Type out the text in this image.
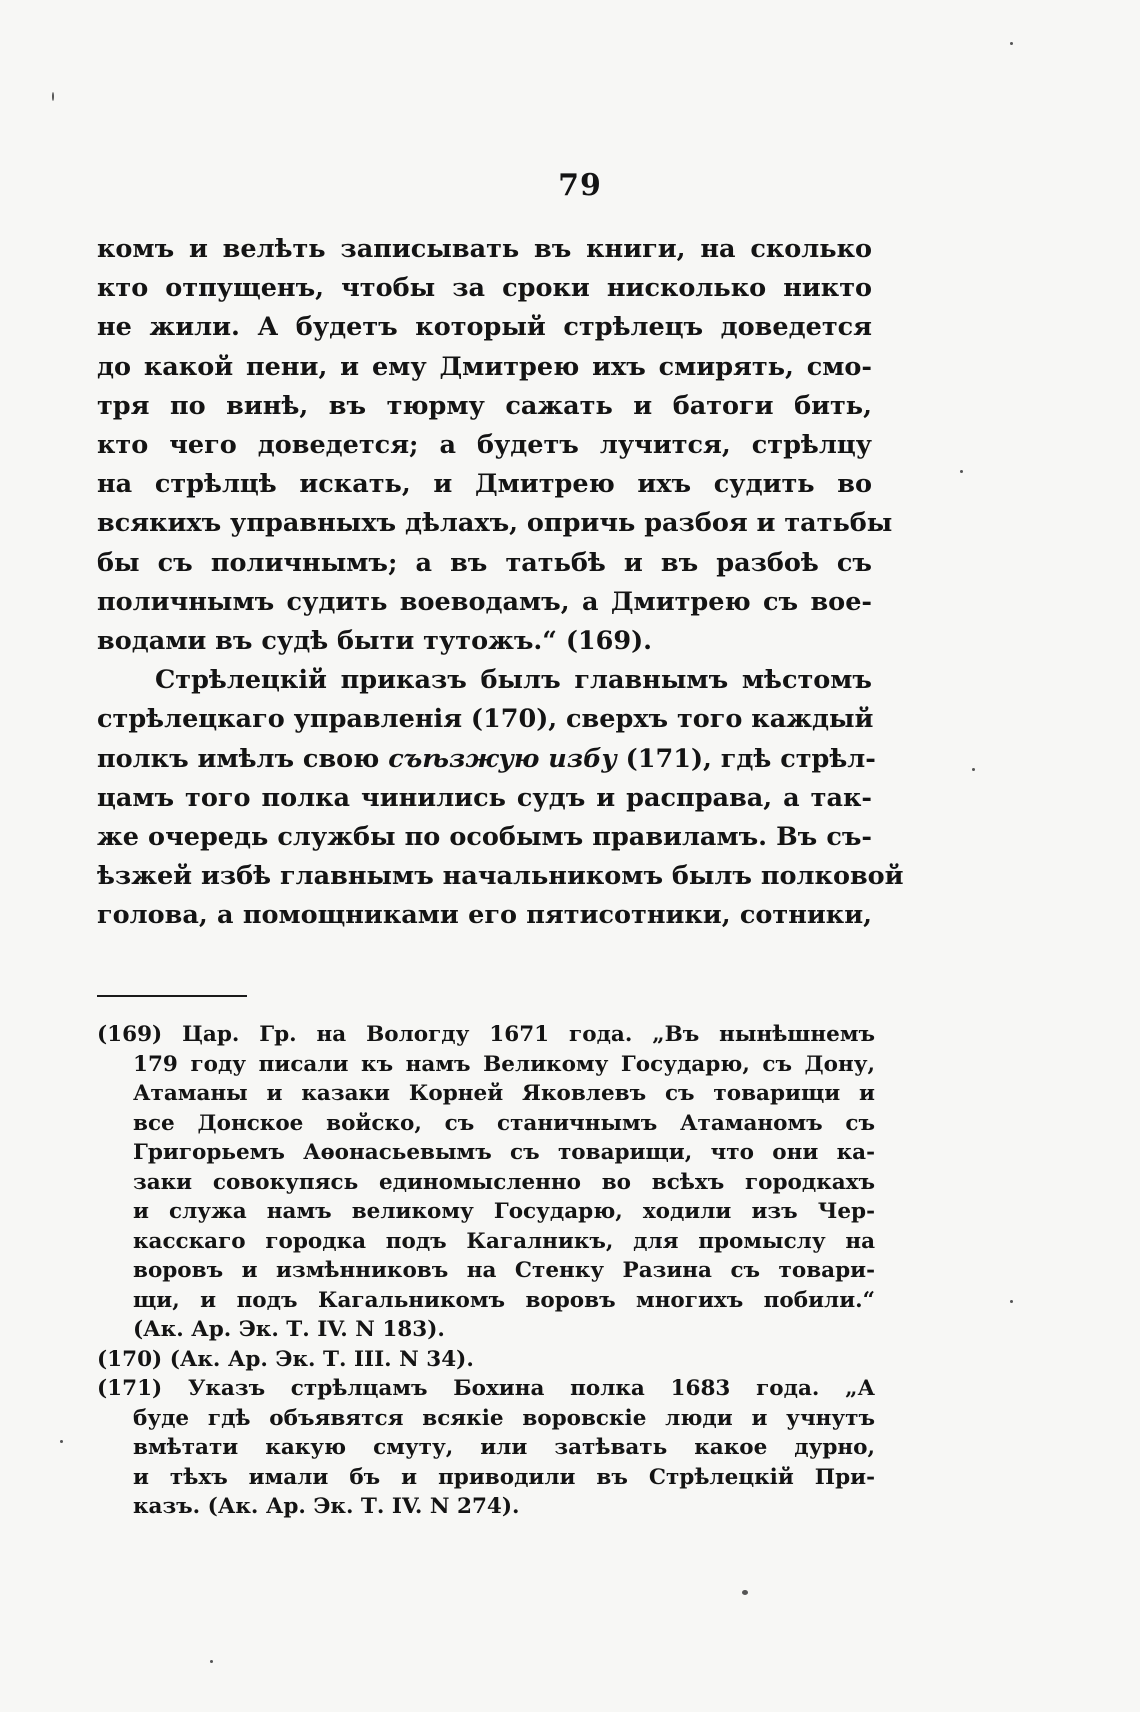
79
комъ и велѣть записывать въ книги, на сколько
кто отпущенъ, чтобы за сроки нисколько никто
не жили. А будетъ который стрѣлецъ доведется
до какой пени, и ему Дмитрею ихъ смирять, смо-
тря по винѣ, въ тюрму сажать и батоги бить,
кто чего доведется; а будетъ лучится, стрѣлцу
на стрѣлцѣ искать, и Дмитрею ихъ судить во
всякихъ управныхъ дѣлахъ, опричь разбоя и татьбы
бы съ поличнымъ; а въ татьбѣ и въ разбоѣ съ
поличнымъ судить воеводамъ, а Дмитрею съ вое-
водами въ судѣ быти тутожъ.“ (169).
Стрѣлецкій приказъ былъ главнымъ мѣстомъ
стрѣлецкаго управленія (170), сверхъ того каждый
полкъ имѣлъ свою съѣзжую избу (171), гдѣ стрѣл-
цамъ того полка чинились судъ и расправа, а так-
же очередь службы по особымъ правиламъ. Въ съ-
ѣзжей избѣ главнымъ начальникомъ былъ полковой
голова, а помощниками его пятисотники, сотники,
(169) Цар. Гр. на Вологду 1671 года. „Въ нынѣшнемъ
179 году писали къ намъ Великому Государю, съ Дону,
Атаманы и казаки Корней Яковлевъ съ товарищи и
все Донское войско, съ станичнымъ Атаманомъ съ
Григорьемъ Аѳонасьевымъ съ товарищи, что они ка-
заки совокупясь единомысленно во всѣхъ городкахъ
и служа намъ великому Государю, ходили изъ Чер-
касскаго городка подъ Кагалникъ, для промыслу на
воровъ и измѣнниковъ на Стенку Разина съ товари-
щи, и подъ Кагальникомъ воровъ многихъ побили.“
(Ак. Ар. Эк. Т. IV. N 183).
(170) (Ак. Ар. Эк. Т. III. N 34).
(171) Указъ стрѣлцамъ Бохина полка 1683 года. „А
буде гдѣ объявятся всякіе воровскіе люди и учнутъ
вмѣтати какую смуту, или затѣвать какое дурно,
и тѣхъ имали бъ и приводили въ Стрѣлецкій При-
казъ. (Ак. Ар. Эк. Т. IV. N 274).
